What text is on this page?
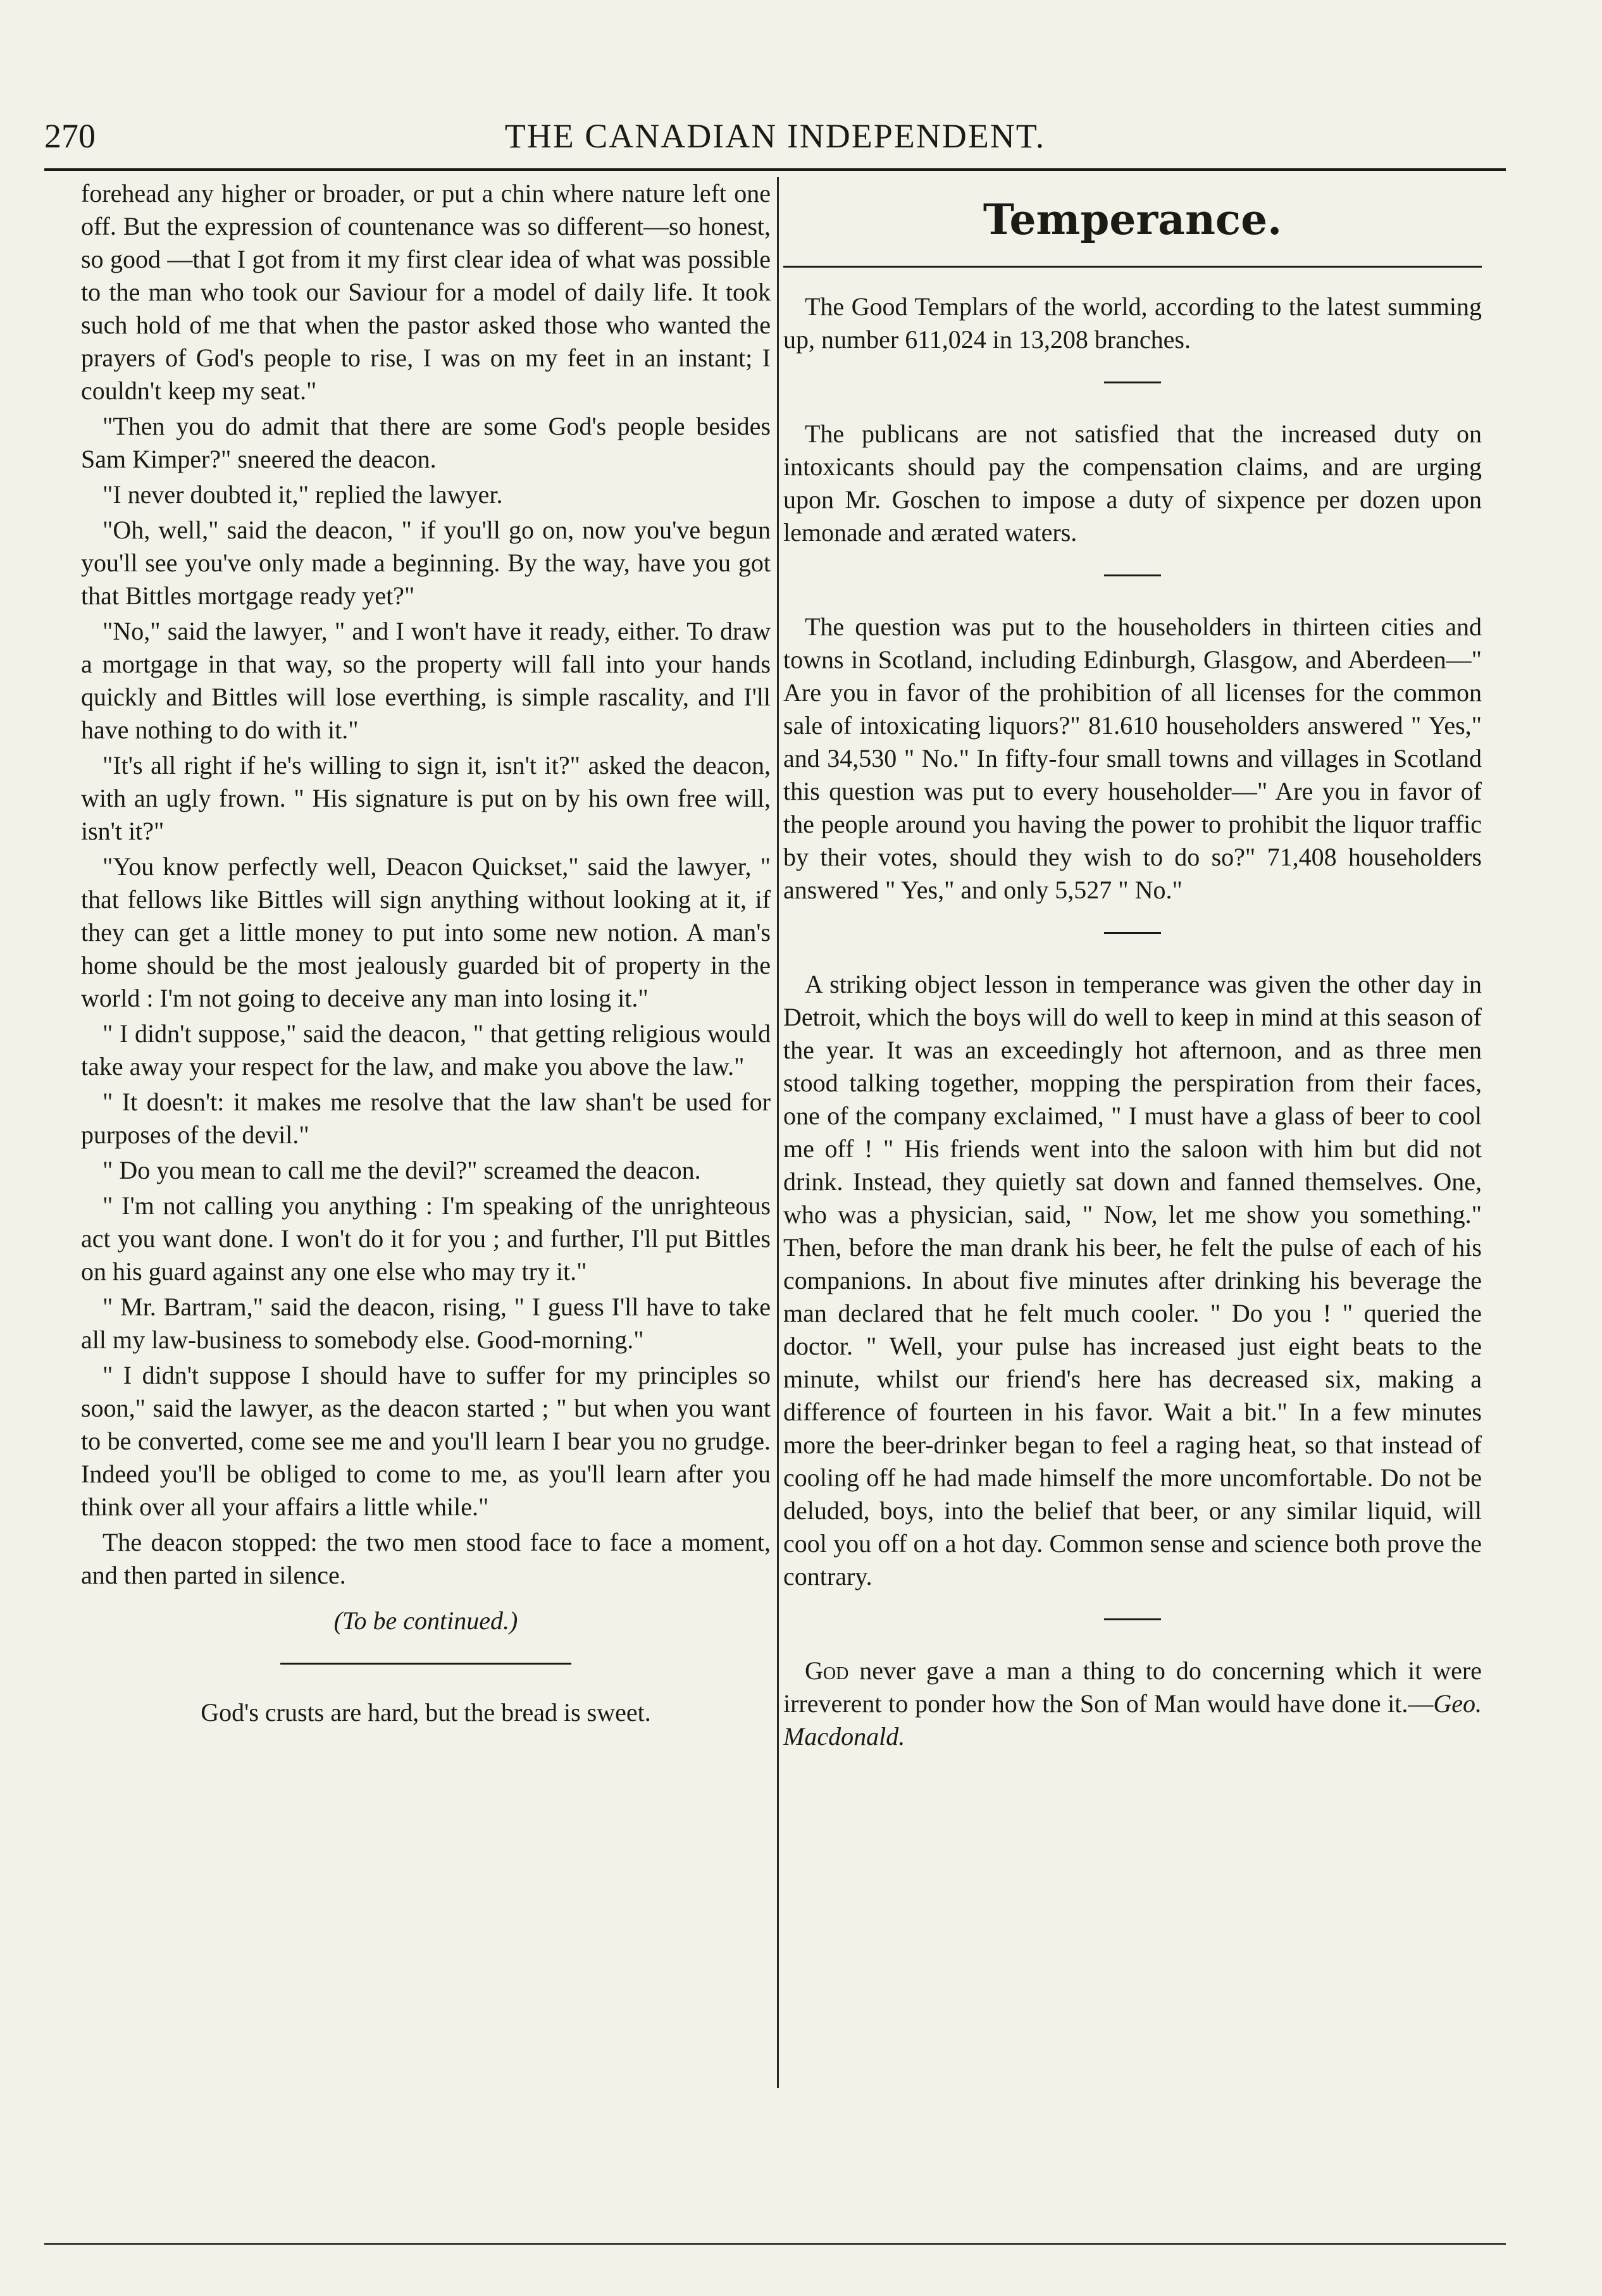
270	THE CANADIAN INDEPENDENT.

forehead any higher or broader, or put a chin where nature left one off. But the expression of countenance was so different—so honest, so good —that I got from it my first clear idea of what was possible to the man who took our Saviour for a model of daily life. It took such hold of me that when the pastor asked those who wanted the prayers of God's people to rise, I was on my feet in an instant; I couldn't keep my seat."

"Then you do admit that there are some God's people besides Sam Kimper?" sneered the deacon.

"I never doubted it," replied the lawyer.

"Oh, well," said the deacon, " if you'll go on, now you've begun you'll see you've only made a beginning. By the way, have you got that Bittles mortgage ready yet?"

"No," said the lawyer, " and I won't have it ready, either. To draw a mortgage in that way, so the property will fall into your hands quickly and Bittles will lose everthing, is simple rascality, and I'll have nothing to do with it."

"It's all right if he's willing to sign it, isn't it?" asked the deacon, with an ugly frown. " His signature is put on by his own free will, isn't it?"

"You know perfectly well, Deacon Quickset," said the lawyer, " that fellows like Bittles will sign anything without looking at it, if they can get a little money to put into some new notion. A man's home should be the most jealously guarded bit of property in the world : I'm not going to deceive any man into losing it."

" I didn't suppose," said the deacon, " that getting religious would take away your respect for the law, and make you above the law."

" It doesn't: it makes me resolve that the law shan't be used for purposes of the devil."

" Do you mean to call me the devil?" screamed the deacon.

" I'm not calling you anything : I'm speaking of the unrighteous act you want done. I won't do it for you ; and further, I'll put Bittles on his guard against any one else who may try it."

" Mr. Bartram," said the deacon, rising, " I guess I'll have to take all my law-business to somebody else. Good-morning."

" I didn't suppose I should have to suffer for my principles so soon," said the lawyer, as the deacon started ; " but when you want to be converted, come see me and you'll learn I bear you no grudge. Indeed you'll be obliged to come to me, as you'll learn after you think over all your affairs a little while."

The deacon stopped: the two men stood face to face a moment, and then parted in silence.

(To be continued.)

God's crusts are hard, but the bread is sweet.

Temperance.

The Good Templars of the world, according to the latest summing up, number 611,024 in 13,208 branches.

The publicans are not satisfied that the increased duty on intoxicants should pay the compensation claims, and are urging upon Mr. Goschen to impose a duty of sixpence per dozen upon lemonade and ærated waters.

The question was put to the householders in thirteen cities and towns in Scotland, including Edinburgh, Glasgow, and Aberdeen—" Are you in favor of the prohibition of all licenses for the common sale of intoxicating liquors?" 81.610 householders answered " Yes," and 34,530 " No." In fifty-four small towns and villages in Scotland this question was put to every householder—" Are you in favor of the people around you having the power to prohibit the liquor traffic by their votes, should they wish to do so?" 71,408 householders answered " Yes," and only 5,527 " No."

A striking object lesson in temperance was given the other day in Detroit, which the boys will do well to keep in mind at this season of the year. It was an exceedingly hot afternoon, and as three men stood talking together, mopping the perspiration from their faces, one of the company exclaimed, " I must have a glass of beer to cool me off ! " His friends went into the saloon with him but did not drink. Instead, they quietly sat down and fanned themselves. One, who was a physician, said, " Now, let me show you something." Then, before the man drank his beer, he felt the pulse of each of his companions. In about five minutes after drinking his beverage the man declared that he felt much cooler. " Do you ! " queried the doctor. " Well, your pulse has increased just eight beats to the minute, whilst our friend's here has decreased six, making a difference of fourteen in his favor. Wait a bit." In a few minutes more the beer-drinker began to feel a raging heat, so that instead of cooling off he had made himself the more uncomfortable. Do not be deluded, boys, into the belief that beer, or any similar liquid, will cool you off on a hot day. Common sense and science both prove the contrary.

God never gave a man a thing to do concerning which it were irreverent to ponder how the Son of Man would have done it.—Geo. Macdonald.
